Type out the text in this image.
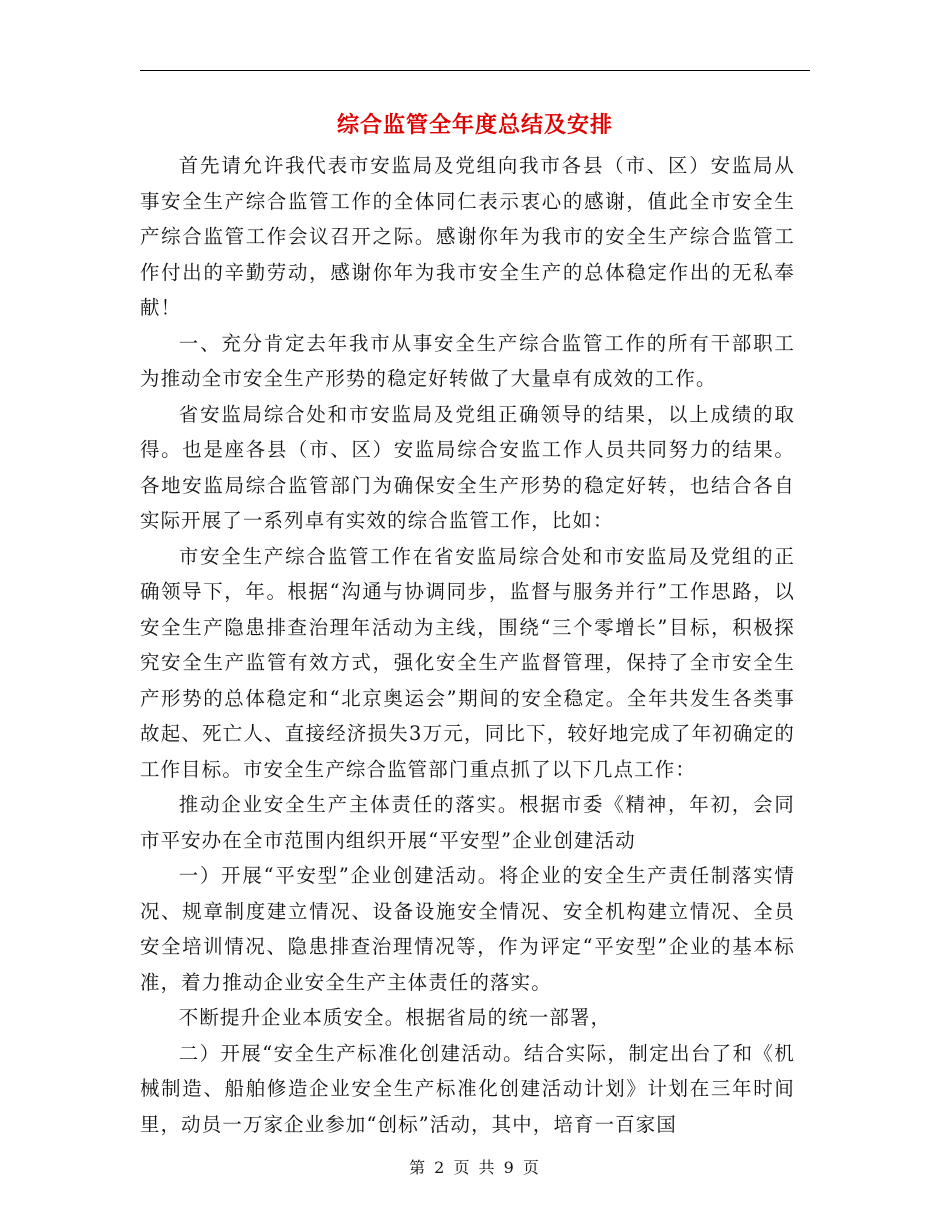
综合监管全年度总结及安排

首先请允许我代表市安监局及党组向我市各县（市、区）安监局从事安全生产综合监管工作的全体同仁表示衷心的感谢，值此全市安全生产综合监管工作会议召开之际。感谢你年为我市的安全生产综合监管工作付出的辛勤劳动，感谢你年为我市安全生产的总体稳定作出的无私奉献！

一、充分肯定去年我市从事安全生产综合监管工作的所有干部职工为推动全市安全生产形势的稳定好转做了大量卓有成效的工作。

省安监局综合处和市安监局及党组正确领导的结果，以上成绩的取得。也是座各县（市、区）安监局综合安监工作人员共同努力的结果。各地安监局综合监管部门为确保安全生产形势的稳定好转，也结合各自实际开展了一系列卓有实效的综合监管工作，比如：

市安全生产综合监管工作在省安监局综合处和市安监局及党组的正确领导下，年。根据“沟通与协调同步，监督与服务并行”工作思路，以安全生产隐患排查治理年活动为主线，围绕“三个零增长”目标，积极探究安全生产监管有效方式，强化安全生产监督管理，保持了全市安全生产形势的总体稳定和“北京奥运会”期间的安全稳定。全年共发生各类事故起、死亡人、直接经济损失3万元，同比下，较好地完成了年初确定的工作目标。市安全生产综合监管部门重点抓了以下几点工作：

推动企业安全生产主体责任的落实。根据市委《精神，年初，会同市平安办在全市范围内组织开展“平安型”企业创建活动

一）开展“平安型”企业创建活动。将企业的安全生产责任制落实情况、规章制度建立情况、设备设施安全情况、安全机构建立情况、全员安全培训情况、隐患排查治理情况等，作为评定“平安型”企业的基本标准，着力推动企业安全生产主体责任的落实。

不断提升企业本质安全。根据省局的统一部署，

二）开展“安全生产标准化创建活动。结合实际，制定出台了和《机械制造、船舶修造企业安全生产标准化创建活动计划》计划在三年时间里，动员一万家企业参加“创标”活动，其中，培育一百家国

第 2 页 共 9 页
